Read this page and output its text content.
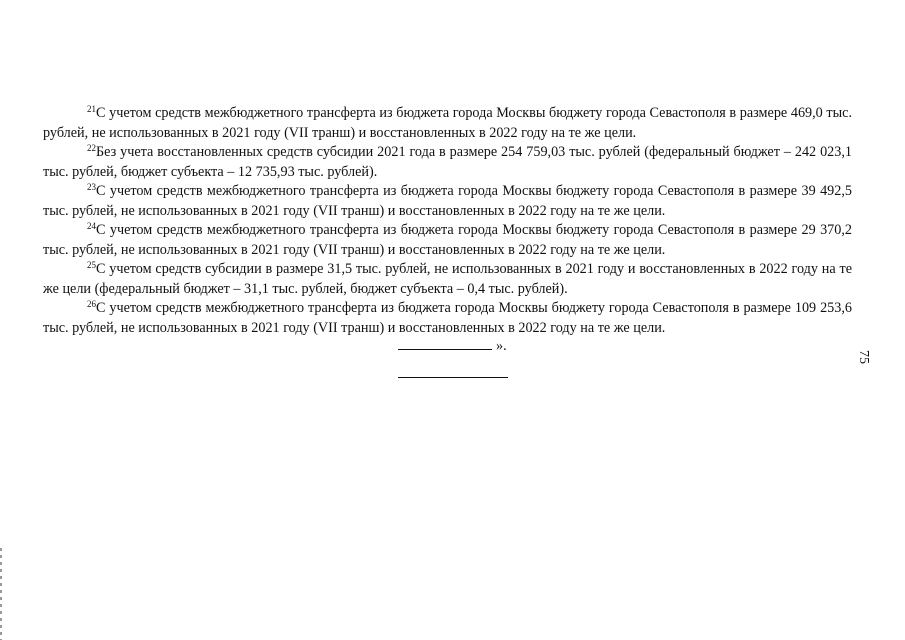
$^{21}$С учетом средств межбюджетного трансферта из бюджета города Москвы бюджету города Севастополя в размере 469,0 тыс. рублей, не использованных в 2021 году (VII транш) и восстановленных в 2022 году на те же цели.

$^{22}$Без учета восстановленных средств субсидии 2021 года в размере 254 759,03 тыс. рублей (федеральный бюджет – 242 023,1 тыс. рублей, бюджет субъекта – 12 735,93 тыс. рублей).

$^{23}$С учетом средств межбюджетного трансферта из бюджета города Москвы бюджету города Севастополя в размере 39 492,5 тыс. рублей, не использованных в 2021 году (VII транш) и восстановленных в 2022 году на те же цели.

$^{24}$С учетом средств межбюджетного трансферта из бюджета города Москвы бюджету города Севастополя в размере 29 370,2 тыс. рублей, не использованных в 2021 году (VII транш) и восстановленных в 2022 году на те же цели.

$^{25}$С учетом средств субсидии в размере 31,5 тыс. рублей, не использованных в 2021 году и восстановленных в 2022 году на те же цели (федеральный бюджет – 31,1 тыс. рублей, бюджет субъекта – 0,4 тыс. рублей).

$^{26}$С учетом средств межбюджетного трансферта из бюджета города Москвы бюджету города Севастополя в размере 109 253,6 тыс. рублей, не использованных в 2021 году (VII транш) и восстановленных в 2022 году на те же цели.

».
75
